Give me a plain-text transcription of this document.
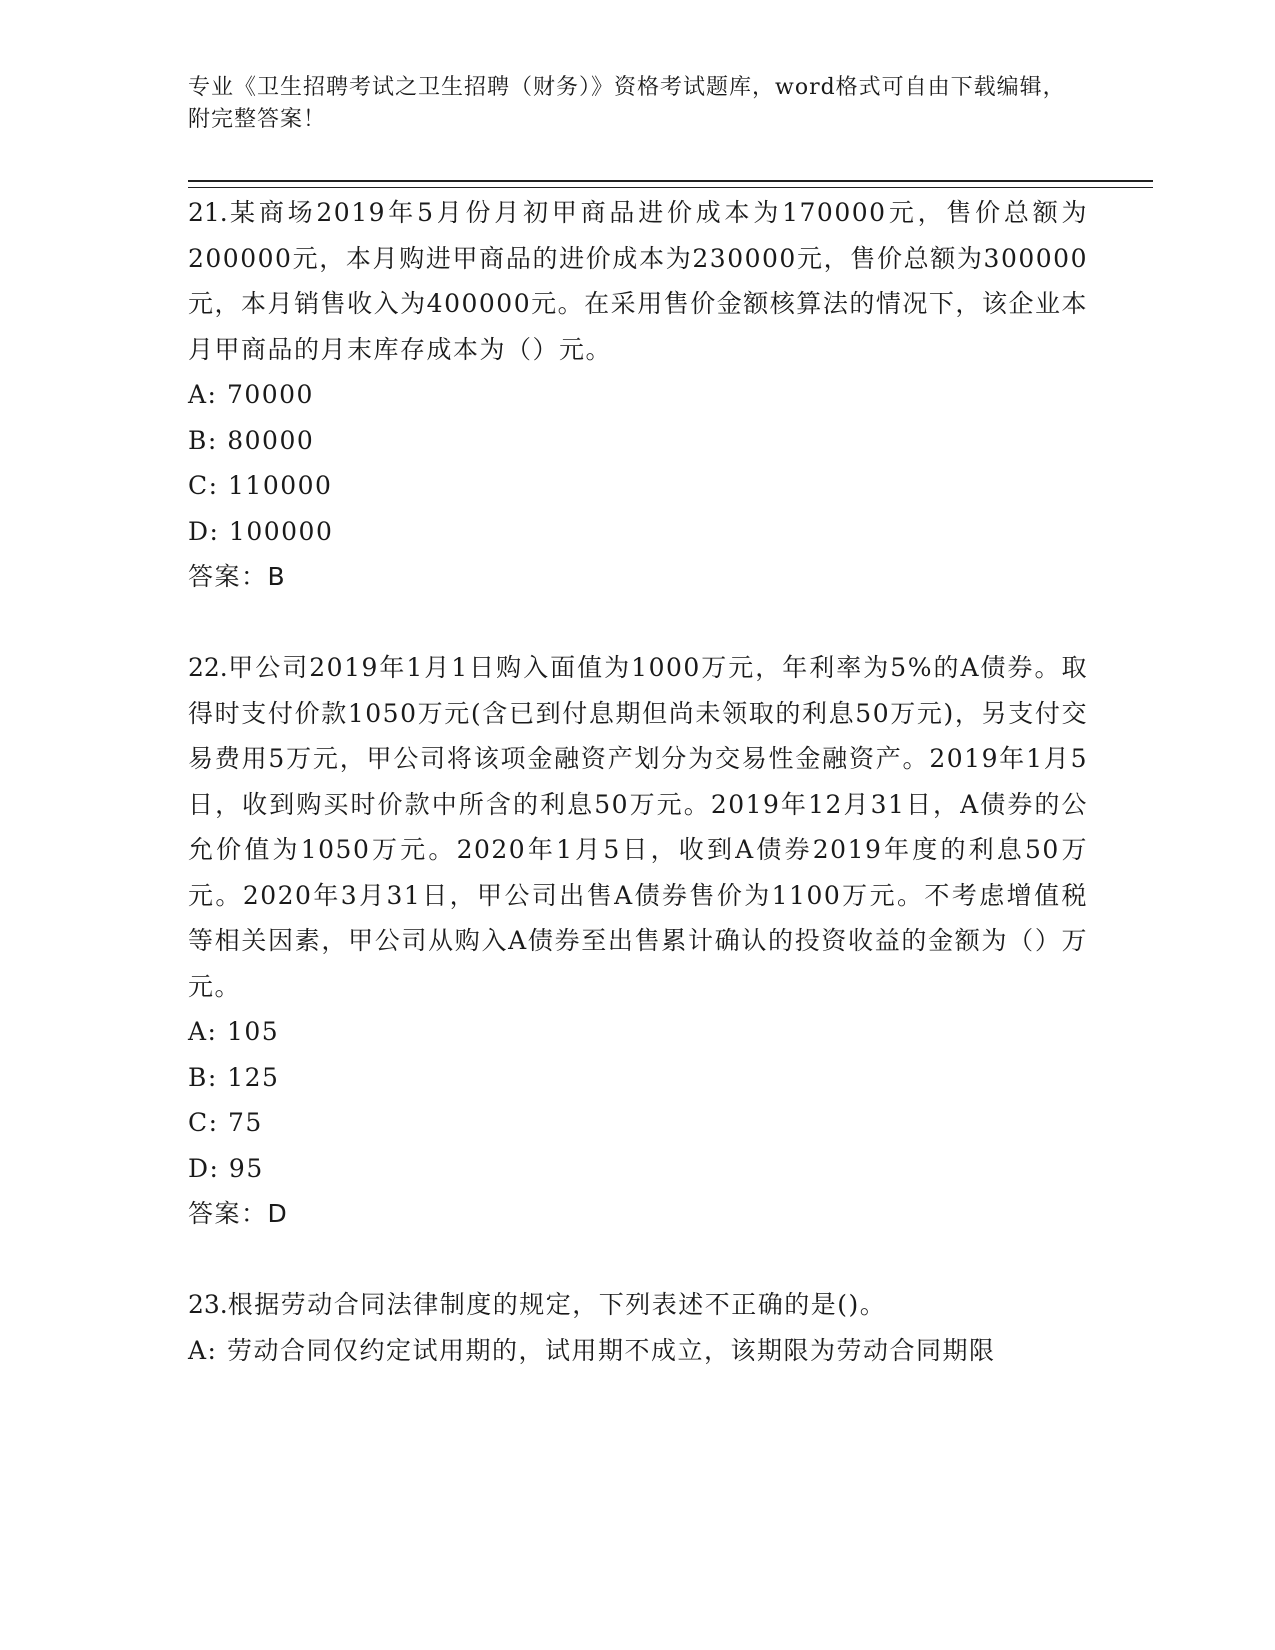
专业《卫生招聘考试之卫生招聘（财务）》资格考试题库，word格式可自由下载编辑，附完整答案！

21.某商场2019年5月份月初甲商品进价成本为170000元，售价总额为200000元，本月购进甲商品的进价成本为230000元，售价总额为300000元，本月销售收入为400000元。在采用售价金额核算法的情况下，该企业本月甲商品的月末库存成本为（）元。

A: 70000

B: 80000

C: 110000

D: 100000

答案：B

22.甲公司2019年1月1日购入面值为1000万元，年利率为5%的A债券。取得时支付价款1050万元(含已到付息期但尚未领取的利息50万元)，另支付交易费用5万元，甲公司将该项金融资产划分为交易性金融资产。2019年1月5日，收到购买时价款中所含的利息50万元。2019年12月31日，A债券的公允价值为1050万元。2020年1月5日，收到A债券2019年度的利息50万元。2020年3月31日，甲公司出售A债券售价为1100万元。不考虑增值税等相关因素，甲公司从购入A债券至出售累计确认的投资收益的金额为（）万元。

A: 105

B: 125

C: 75

D: 95

答案：D

23.根据劳动合同法律制度的规定，下列表述不正确的是()。

A: 劳动合同仅约定试用期的，试用期不成立，该期限为劳动合同期限
